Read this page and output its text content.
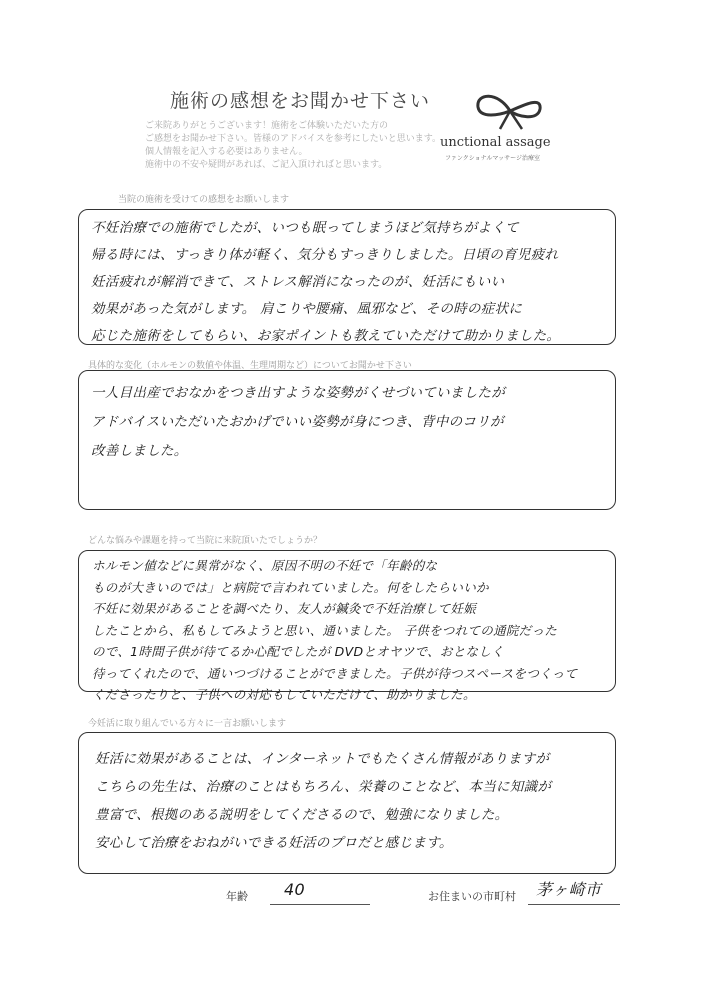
施術の感想をお聞かせ下さい
ご来院ありがとうございます！施術をご体験いただいた方の
ご感想をお聞かせ下さい。皆様のアドバイスを参考にしたいと思います。
個人情報を記入する必要はありません。
施術中の不安や疑問があれば、ご記入頂ければと思います。
unctional assage
ファンクショナルマッサージ治療室
当院の施術を受けての感想をお願いします
不妊治療での施術でしたが、いつも眠ってしまうほど気持ちがよくて
帰る時には、すっきり体が軽く、気分もすっきりしました。日頃の育児疲れ
妊活疲れが解消できて、ストレス解消になったのが、妊活にもいい
効果があった気がします。 肩こりや腰痛、風邪など、その時の症状に
応じた施術をしてもらい、お家ポイントも教えていただけて助かりました。
具体的な変化（ホルモンの数値や体温、生理周期など）についてお聞かせ下さい
一人目出産でおなかをつき出すような姿勢がくせづいていましたが
アドバイスいただいたおかげでいい姿勢が身につき、背中のコリが
改善しました。
どんな悩みや課題を持って当院に来院頂いたでしょうか？
ホルモン値などに異常がなく、原因不明の不妊で「年齢的な
ものが大きいのでは」と病院で言われていました。何をしたらいいか
不妊に効果があることを調べたり、友人が鍼灸で不妊治療して妊娠
したことから、私もしてみようと思い、通いました。 子供をつれての通院だった
ので、1時間子供が待てるか心配でしたが DVDとオヤツで、おとなしく
待ってくれたので、通いつづけることができました。子供が待つスペースをつくって
くださったりと、子供への対応もしていただけて、助かりました。
今妊活に取り組んでいる方々に一言お願いします
妊活に効果があることは、インターネットでもたくさん情報がありますが
こちらの先生は、治療のことはもちろん、栄養のことなど、本当に知識が
豊富で、根拠のある説明をしてくださるので、勉強になりました。
安心して治療をおねがいできる妊活のプロだと感じます。
年齢 40	お住まいの市町村 茅ヶ崎市
